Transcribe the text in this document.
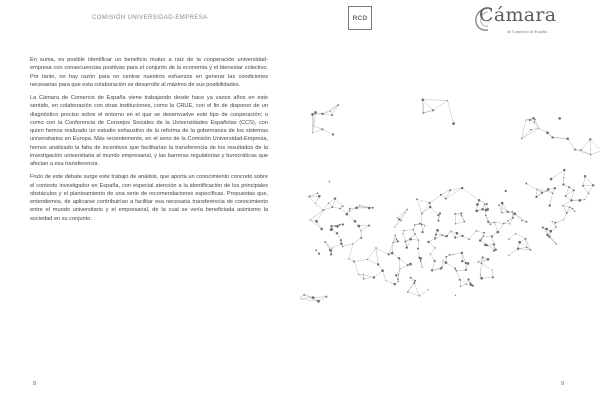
COMISIÓN UNIVERSIDAD-EMPRESA

En suma, es posible identificar un beneficio mutuo a raíz de la cooperación universidad-empresa con consecuencias positivas para el conjunto de la economía y el bienestar colectivo. Por tanto, no hay razón para no centrar nuestros esfuerzos en generar las condiciones necesarias para que esta colaboración se desarrolle al máximo de sus posibilidades.

La Cámara de Comercio de España viene trabajando desde hace ya varios años en este sentido, en colaboración con otras instituciones, como la CRUE, con el fin de disponer de un diagnóstico preciso sobre el entorno en el que se desenvuelve este tipo de cooperación; o como con la Conferencia de Consejos Sociales de la Universidades Españolas (CCS), con quien hemos realizado un estudio exhaustivo de la reforma de la gobernanza de los sistemas universitarios en Europa. Más recientemente, en el seno de la Comisión Universidad-Empresa, hemos analizado la falta de incentivos que facilitarían la transferencia de los resultados de la investigación universitaria al mundo empresarial, y las barreras regulatorias y burocráticas que afectan a esa transferencia.

Fruto de este debate surge este trabajo de análisis, que aporta un conocimiento concreto sobre el contexto investigador en España, con especial atención a la identificación de los principales obstáculos y el planteamiento de una serie de recomendaciones específicas. Propuestas que, entendemos, de aplicarse contribuirían a facilitar esa necesaria transferencia de conocimiento entre el mundo universitario y el empresarial, de la cual se vería beneficiada asimismo la sociedad en su conjunto.

8
RCD	Cámara
de Comercio de España
9
